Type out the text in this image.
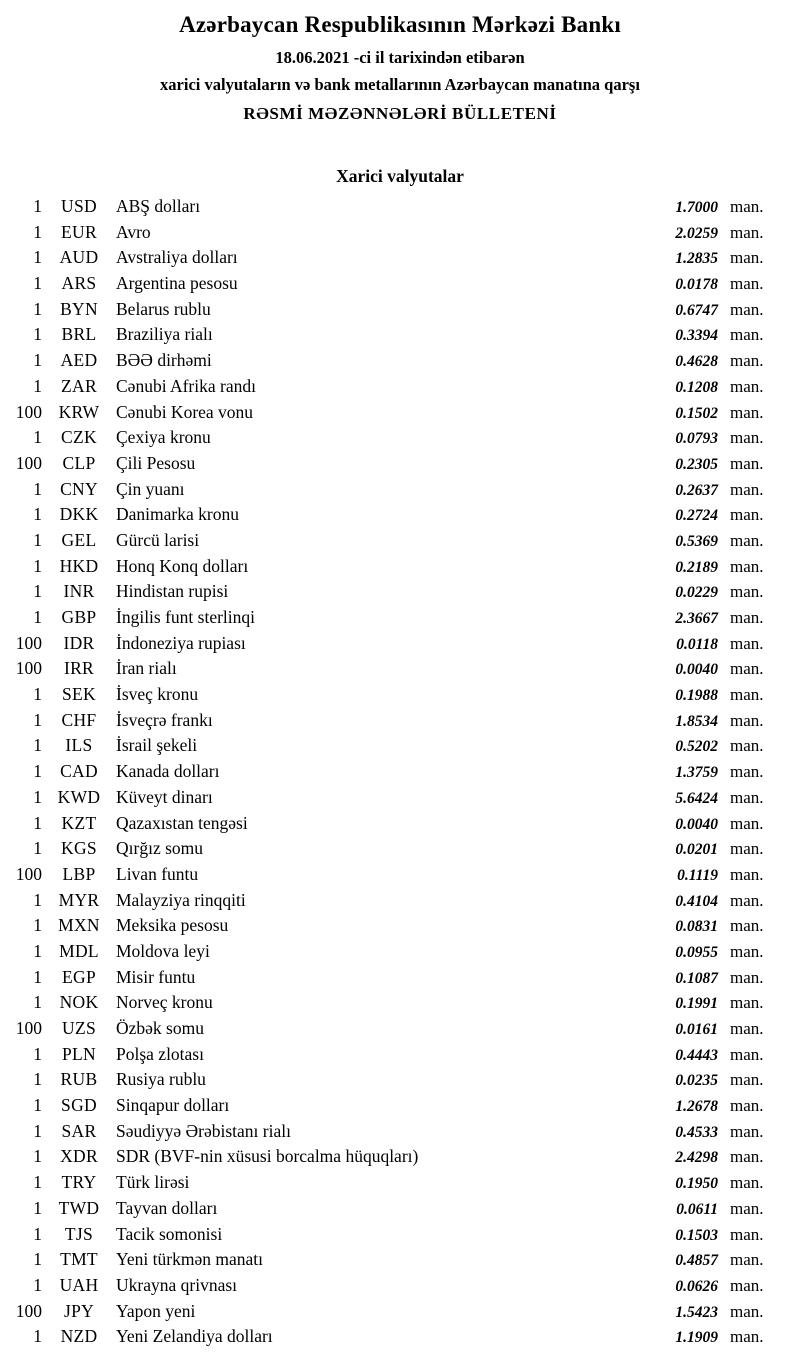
Azərbaycan Respublikasının Mərkəzi Bankı
18.06.2021 -ci il tarixindən etibarən
xarici valyutaların və bank metallarının Azərbaycan manatına qarşı
RƏSMİ MƏZƏNNƏLƏRİ BÜLLETENİ
Xarici valyutalar
1	USD	ABŞ dolları	1.7000 man.
1	EUR	Avro	2.0259 man.
1	AUD	Avstraliya dolları	1.2835 man.
1	ARS	Argentina pesosu	0.0178 man.
1	BYN	Belarus rublu	0.6747 man.
1	BRL	Braziliya rialı	0.3394 man.
1	AED	BƏƏ dirhəmi	0.4628 man.
1	ZAR	Cənubi Afrika randı	0.1208 man.
100 KRW Cənubi Korea vonu	0.1502 man.
1	CZK	Çexiya kronu	0.0793 man.
100	CLP	Çili Pesosu	0.2305 man.
1	CNY	Çin yuanı	0.2637 man.
1	DKK	Danimarka kronu	0.2724 man.
1	GEL	Gürcü larisi	0.5369 man.
1	HKD	Honq Konq dolları	0.2189 man.
1	INR	Hindistan rupisi	0.0229 man.
1	GBP	İngilis funt sterlinqi	2.3667 man.
100	IDR	İndoneziya rupiası	0.0118 man.
100	IRR	İran rialı	0.0040 man.
1	SEK	İsveç kronu	0.1988 man.
1	CHF	İsveçrə frankı	1.8534 man.
1	ILS	İsrail şekeli	0.5202 man.
1	CAD	Kanada dolları	1.3759 man.
1 KWD Küveyt dinarı	5.6424 man.
1	KZT	Qazaxıstan tengəsi	0.0040 man.
1	KGS	Qırğız somu	0.0201 man.
100	LBP	Livan funtu	0.1119 man.
1 MYR Malayziya rinqqiti	0.4104 man.
1 MXN Meksika pesosu	0.0831 man.
1 MDL Moldova leyi	0.0955 man.
1	EGP	Misir funtu	0.1087 man.
1	NOK	Norveç kronu	0.1991 man.
100	UZS	Özbək somu	0.0161 man.
1	PLN	Polşa zlotası	0.4443 man.
1	RUB	Rusiya rublu	0.0235 man.
1	SGD	Sinqapur dolları	1.2678 man.
1	SAR	Səudiyyə Ərəbistanı rialı	0.4533 man.
1	XDR	SDR (BVF-nin xüsusi borcalma hüquqları)	2.4298 man.
1	TRY	Türk lirəsi	0.1950 man.
1 TWD Tayvan dolları	0.0611 man.
1	TJS	Tacik somonisi	0.1503 man.
1	TMT	Yeni türkmən manatı	0.4857 man.
1	UAH	Ukrayna qrivnası	0.0626 man.
100	JPY	Yapon yeni	1.5423 man.
1	NZD	Yeni Zelandiya dolları	1.1909 man.
